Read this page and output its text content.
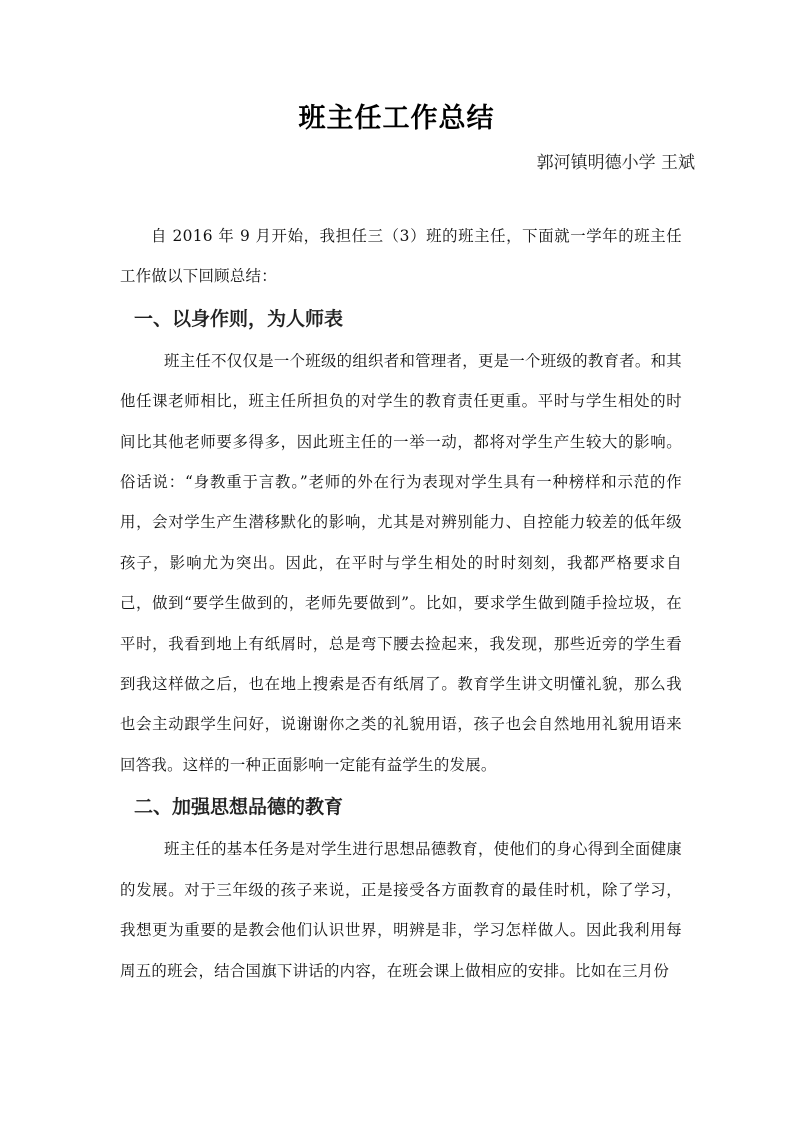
班主任工作总结
郭河镇明德小学 王斌

自 2016 年 9 月开始，我担任三（3）班的班主任，下面就一学年的班主任工作做以下回顾总结：

一、以身作则，为人师表

班主任不仅仅是一个班级的组织者和管理者，更是一个班级的教育者。和其他任课老师相比，班主任所担负的对学生的教育责任更重。平时与学生相处的时间比其他老师要多得多，因此班主任的一举一动，都将对学生产生较大的影响。俗话说：“身教重于言教。”老师的外在行为表现对学生具有一种榜样和示范的作用，会对学生产生潜移默化的影响，尤其是对辨别能力、自控能力较差的低年级孩子，影响尤为突出。因此，在平时与学生相处的时时刻刻，我都严格要求自己，做到“要学生做到的，老师先要做到”。比如，要求学生做到随手捡垃圾，在平时，我看到地上有纸屑时，总是弯下腰去捡起来，我发现，那些近旁的学生看到我这样做之后，也在地上搜索是否有纸屑了。教育学生讲文明懂礼貌，那么我也会主动跟学生问好，说谢谢你之类的礼貌用语，孩子也会自然地用礼貌用语来回答我。这样的一种正面影响一定能有益学生的发展。

二、加强思想品德的教育

班主任的基本任务是对学生进行思想品德教育，使他们的身心得到全面健康的发展。对于三年级的孩子来说，正是接受各方面教育的最佳时机，除了学习，我想更为重要的是教会他们认识世界，明辨是非，学习怎样做人。因此我利用每周五的班会，结合国旗下讲话的内容，在班会课上做相应的安排。比如在三月份
